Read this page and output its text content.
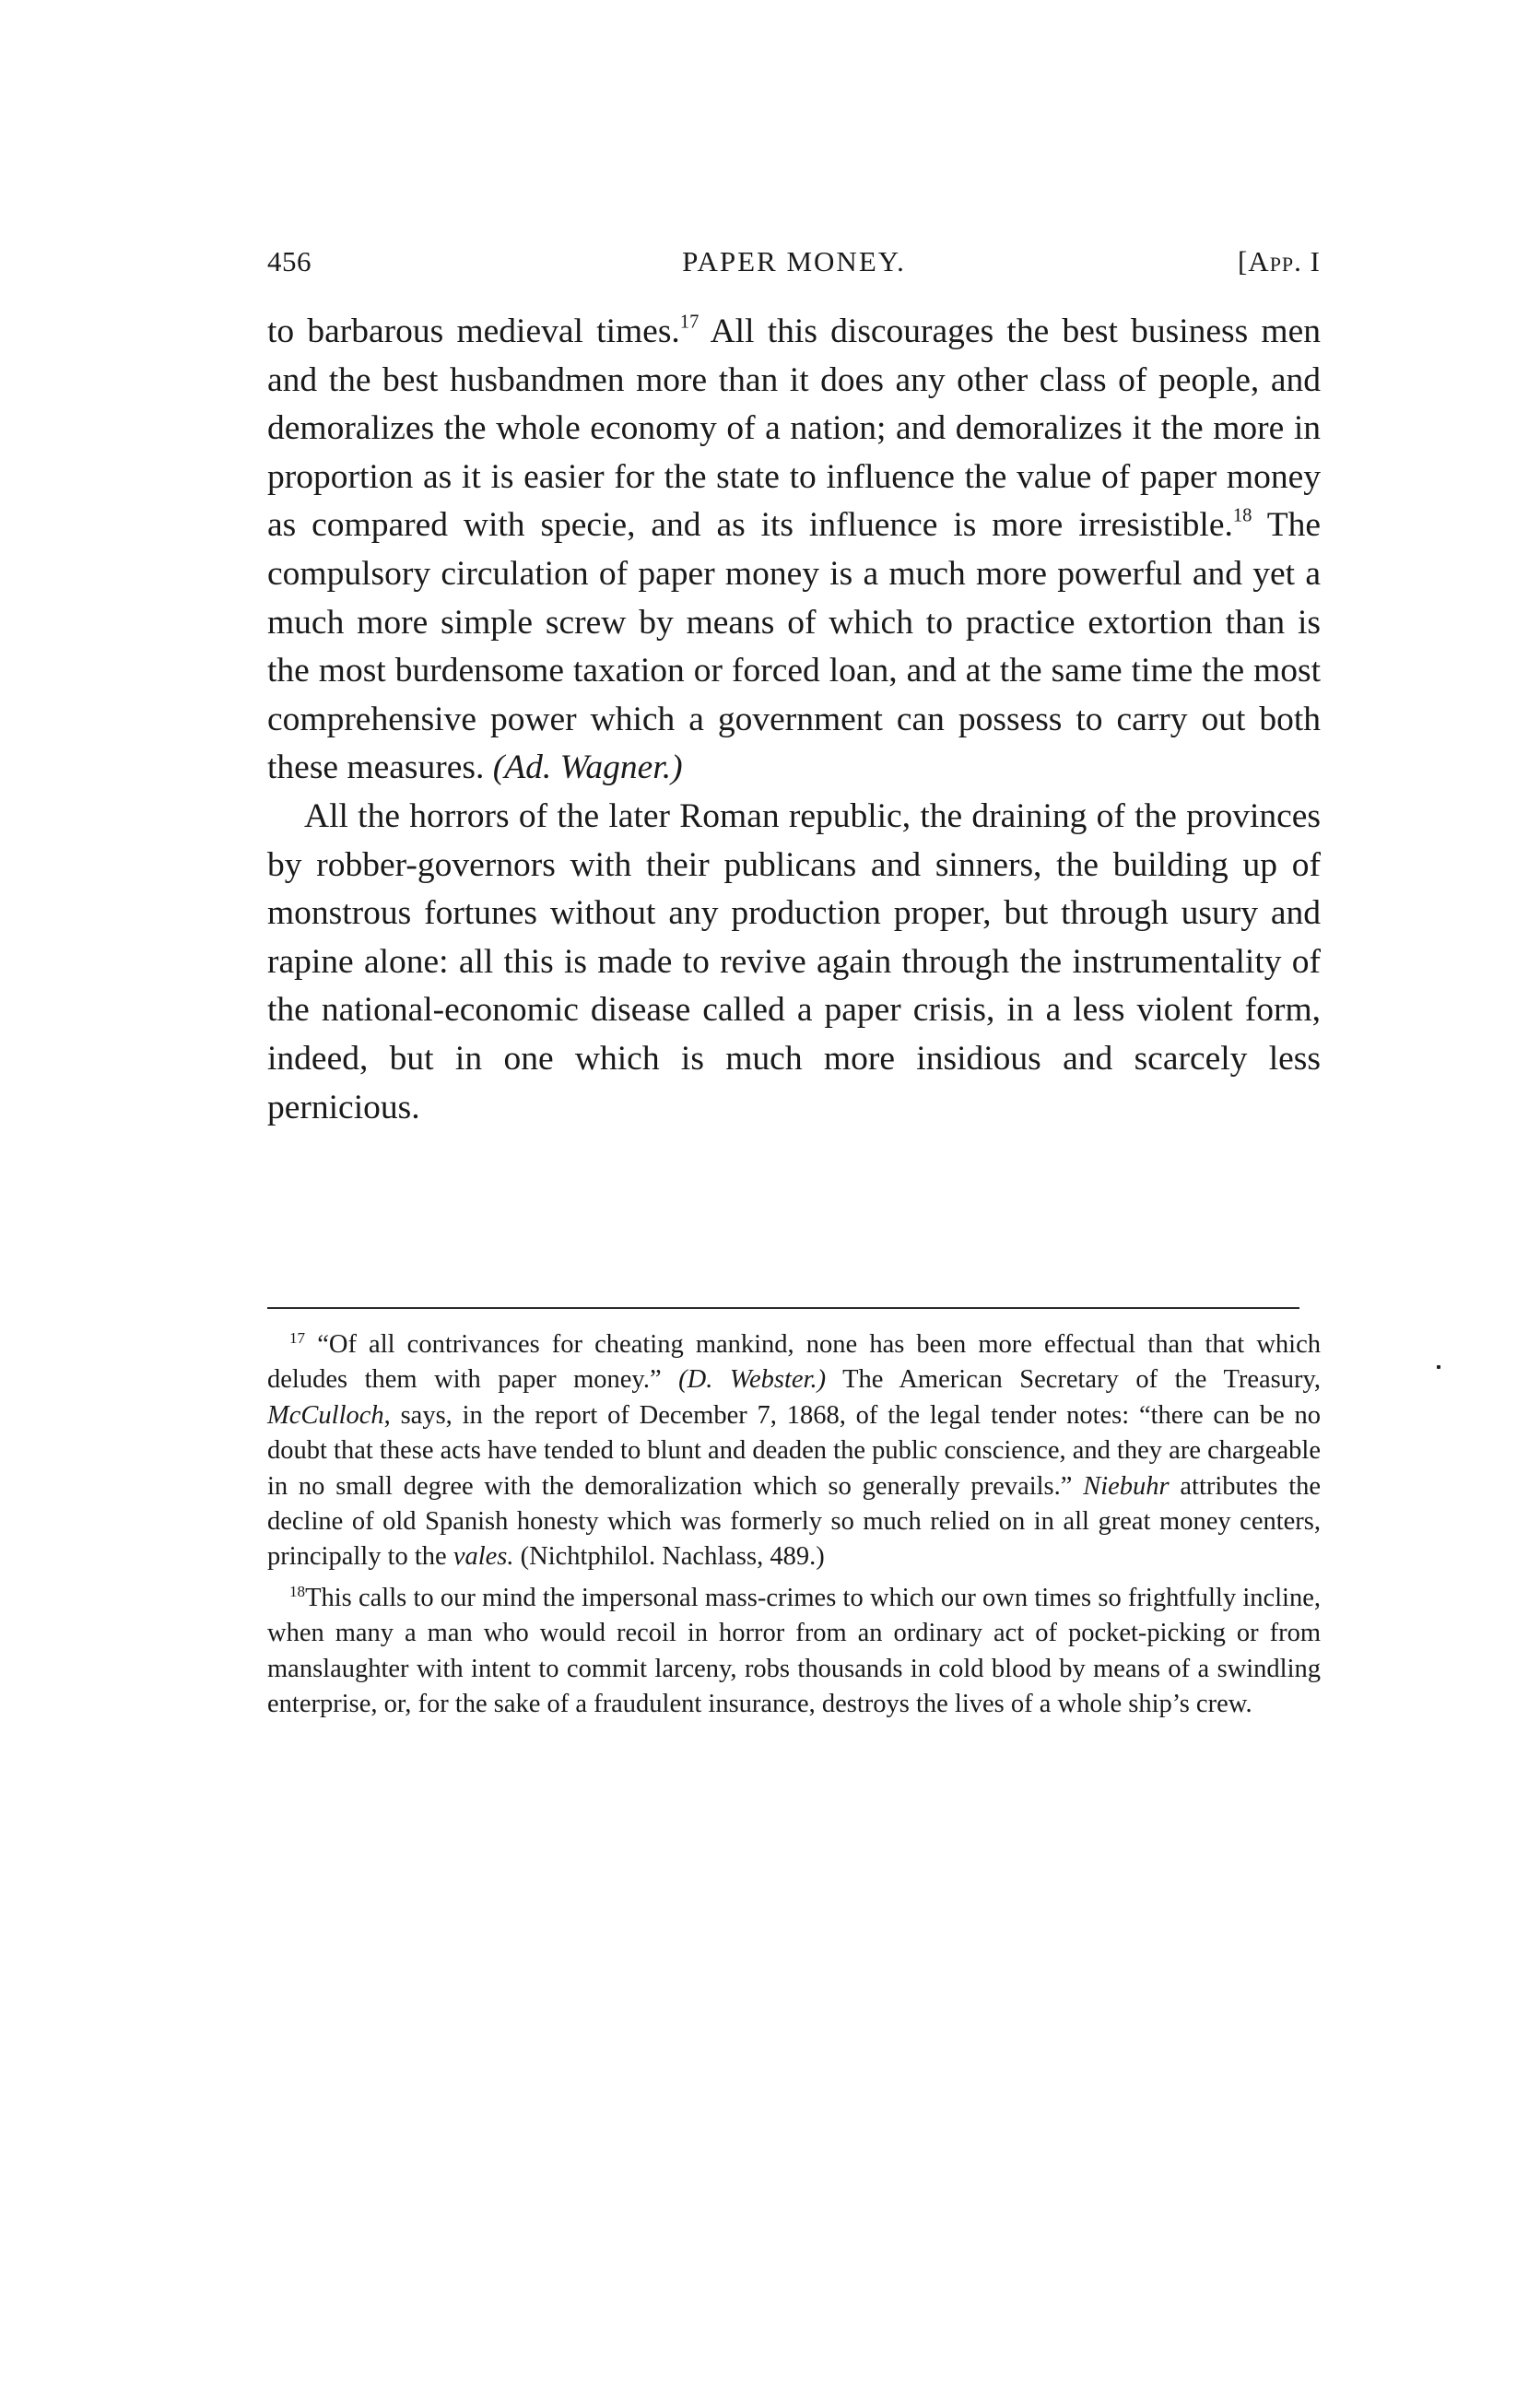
456	PAPER MONEY.	[App. I

to barbarous medieval times.$^{17}$ All this discourages the best business men and the best husbandmen more than it does any other class of people, and demoralizes the whole economy of a nation; and demoralizes it the more in proportion as it is easier for the state to influence the value of paper money as compared with specie, and as its influence is more irresistible.$^{18}$ The compulsory circulation of paper money is a much more powerful and yet a much more simple screw by means of which to practice extortion than is the most burdensome taxation or forced loan, and at the same time the most comprehensive power which a government can possess to carry out both these measures. (Ad. Wagner.)

All the horrors of the later Roman republic, the draining of the provinces by robber-governors with their publicans and sinners, the building up of monstrous fortunes without any production proper, but through usury and rapine alone: all this is made to revive again through the instrumentality of the national-economic disease called a paper crisis, in a less violent form, indeed, but in one which is much more insidious and scarcely less pernicious.

$^{17}$ “Of all contrivances for cheating mankind, none has been more effectual than that which deludes them with paper money.” (D. Webster.) The American Secretary of the Treasury, McCulloch, says, in the report of December 7, 1868, of the legal tender notes: “there can be no doubt that these acts have tended to blunt and deaden the public conscience, and they are chargeable in no small degree with the demoralization which so generally prevails.” Niebuhr attributes the decline of old Spanish honesty which was formerly so much relied on in all great money centers, principally to the vales. (Nichtphilol. Nachlass, 489.)

$^{18}$This calls to our mind the impersonal mass-crimes to which our own times so frightfully incline, when many a man who would recoil in horror from an ordinary act of pocket-picking or from manslaughter with intent to commit larceny, robs thousands in cold blood by means of a swindling enterprise, or, for the sake of a fraudulent insurance, destroys the lives of a whole ship’s crew.
